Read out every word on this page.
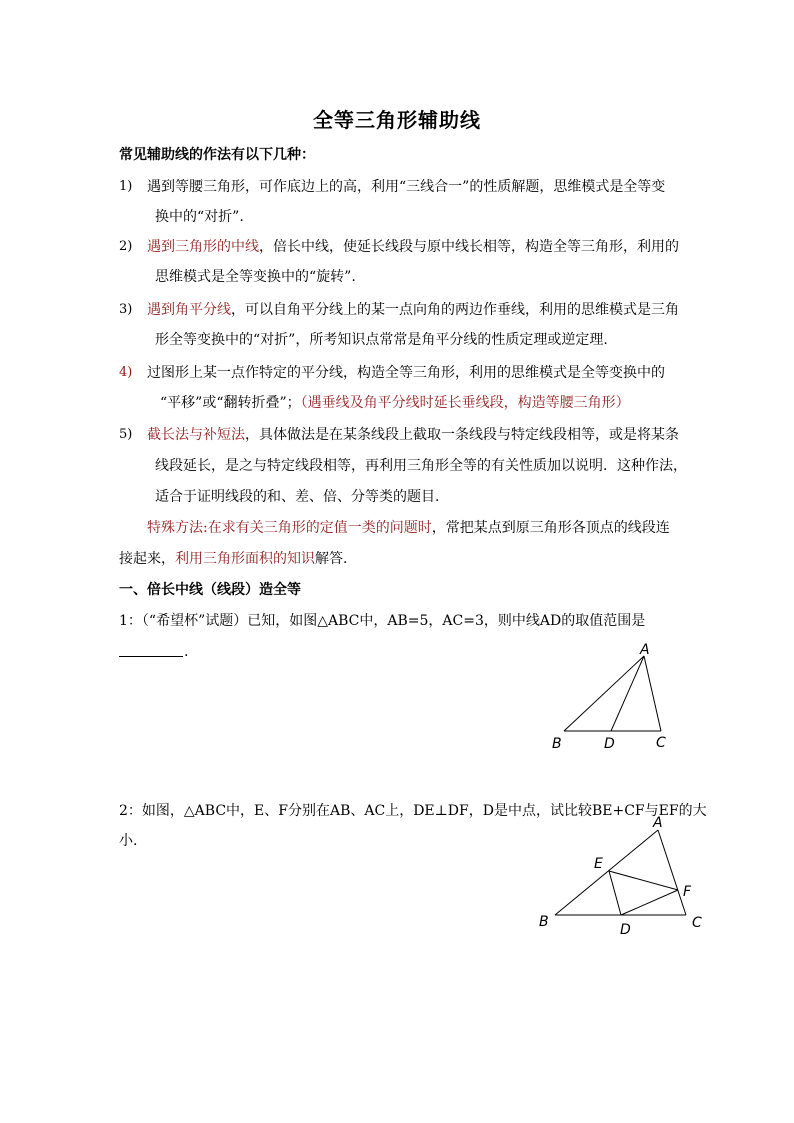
全等三角形辅助线
常见辅助线的作法有以下几种：
1) 遇到等腰三角形，可作底边上的高，利用“三线合一”的性质解题，思维模式是全等变
换中的“对折”.
2) 遇到三角形的中线，倍长中线，使延长线段与原中线长相等，构造全等三角形，利用的
思维模式是全等变换中的“旋转”.
3) 遇到角平分线，可以自角平分线上的某一点向角的两边作垂线，利用的思维模式是三角
形全等变换中的“对折”，所考知识点常常是角平分线的性质定理或逆定理.
4) 过图形上某一点作特定的平分线，构造全等三角形，利用的思维模式是全等变换中的
“平移”或“翻转折叠”；（遇垂线及角平分线时延长垂线段，构造等腰三角形）
5) 截长法与补短法，具体做法是在某条线段上截取一条线段与特定线段相等，或是将某条
线段延长，是之与特定线段相等，再利用三角形全等的有关性质加以说明．这种作法，
适合于证明线段的和、差、倍、分等类的题目.
特殊方法:在求有关三角形的定值一类的问题时，常把某点到原三角形各顶点的线段连
接起来，利用三角形面积的知识解答.
一、倍长中线（线段）造全等
1：（“希望杯”试题）已知，如图△ABC中，AB=5，AC=3，则中线AD的取值范围是
.	A
B	D	C
2：如图，△ABC中，E、F分别在AB、AC上，DE⊥DF，D是中点，试比较BE+CF与EF的大
小.
A
E
F
B	D	C
